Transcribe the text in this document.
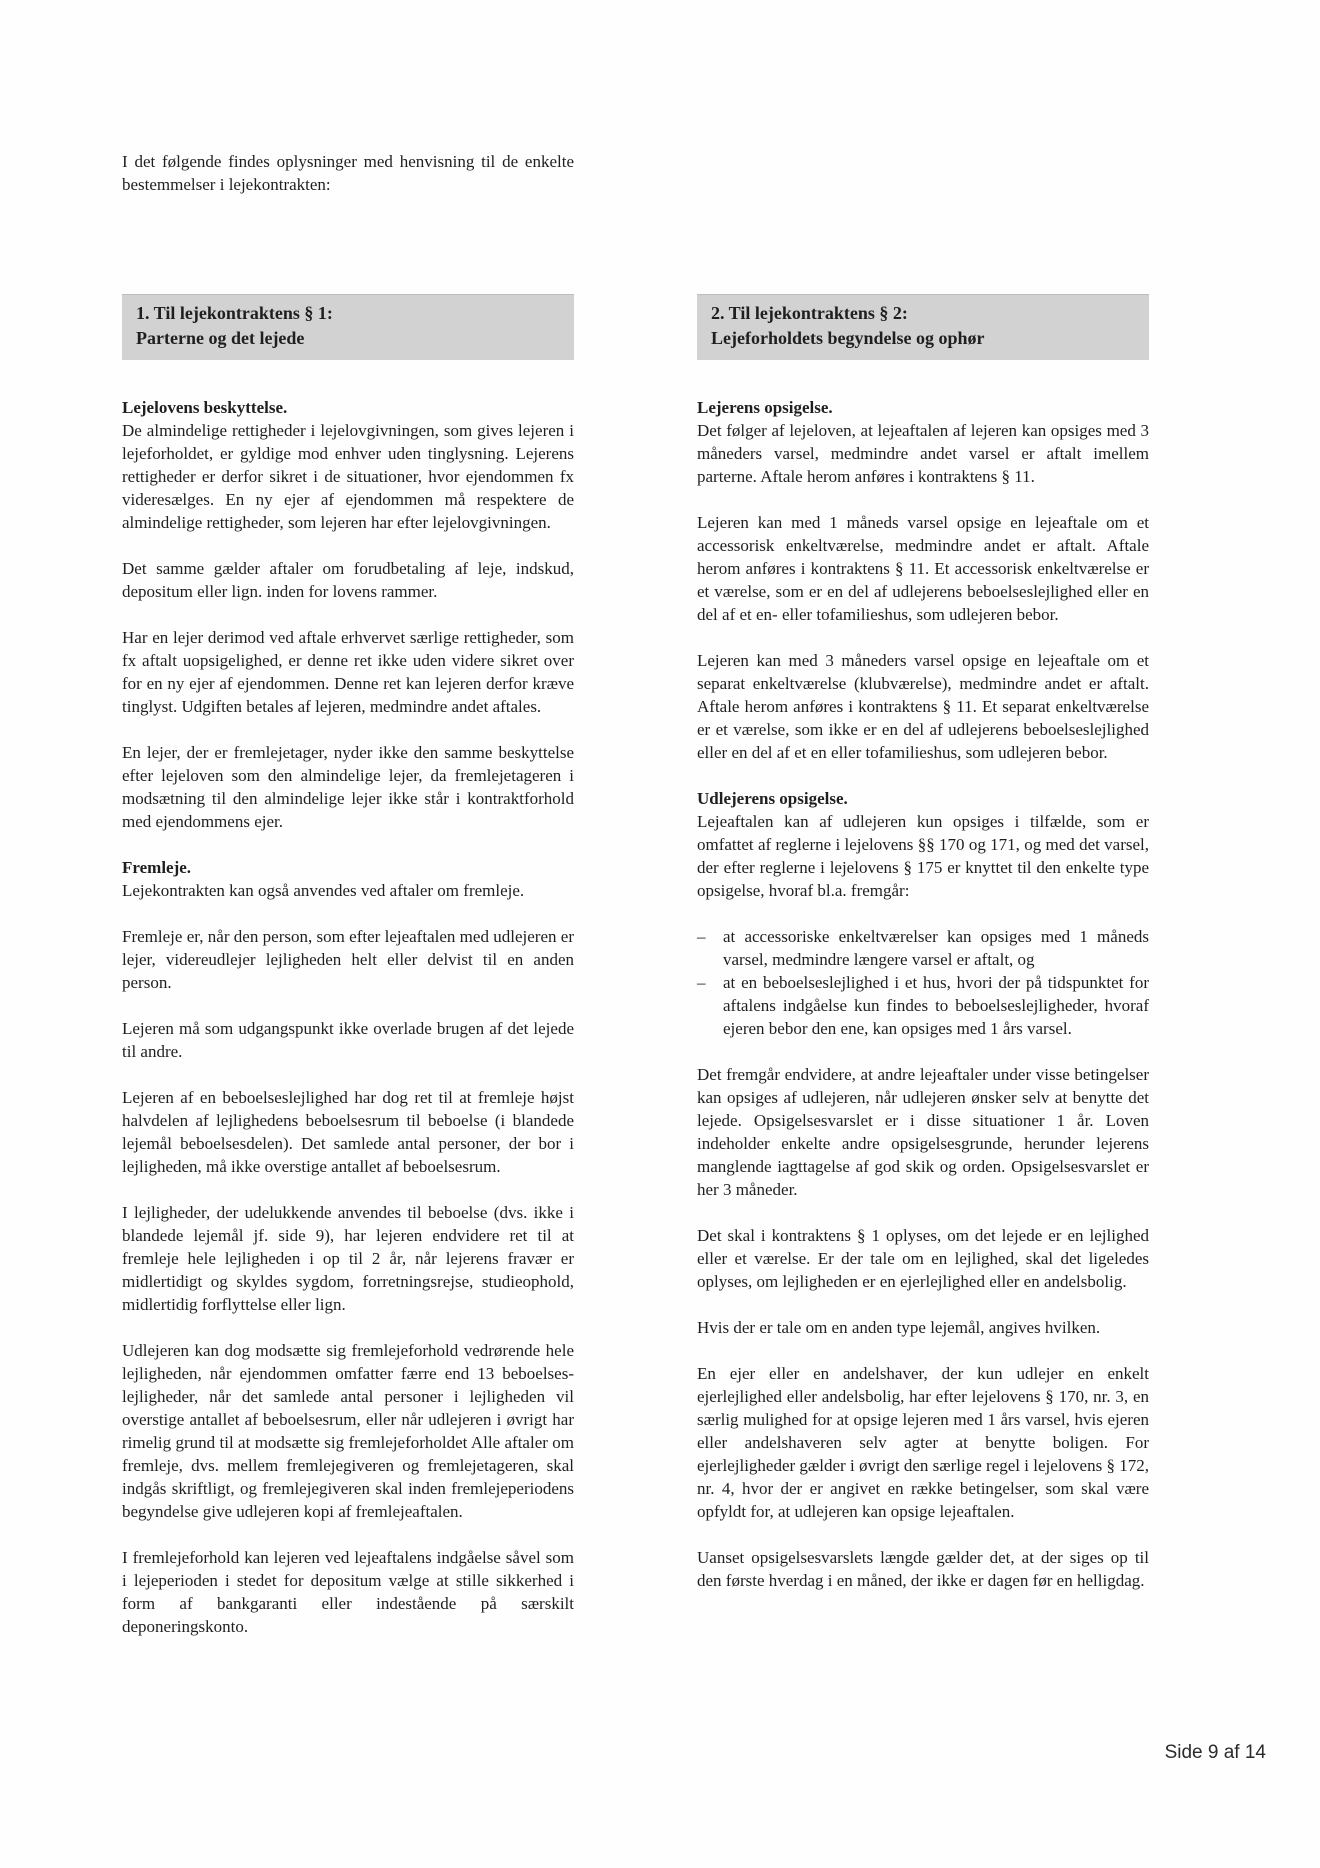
I det følgende findes oplysninger med henvisning til de enkelte bestemmelser i lejekontrakten:

1. Til lejekontraktens § 1:
Parterne og det lejede
Lejelovens beskyttelse.

De almindelige rettigheder i lejelovgivningen, som gives lejeren i lejeforholdet, er gyldige mod enhver uden tinglysning. Lejerens rettigheder er derfor sikret i de situationer, hvor ejendommen fx videresælges. En ny ejer af ejendommen må respektere de almindelige rettigheder, som lejeren har efter lejelovgivningen.

Det samme gælder aftaler om forudbetaling af leje, indskud, depositum eller lign. inden for lovens rammer.

Har en lejer derimod ved aftale erhvervet særlige rettigheder, som fx aftalt uopsigelighed, er denne ret ikke uden videre sikret over for en ny ejer af ejendommen. Denne ret kan lejeren derfor kræve tinglyst. Udgiften betales af lejeren, medmindre andet aftales.

En lejer, der er fremlejetager, nyder ikke den samme beskyttelse efter lejeloven som den almindelige lejer, da fremlejetageren i modsætning til den almindelige lejer ikke står i kontraktforhold med ejendommens ejer.

Fremleje.

Lejekontrakten kan også anvendes ved aftaler om fremleje.

Fremleje er, når den person, som efter lejeaftalen med udlejeren er lejer, videreudlejer lejligheden helt eller delvist til en anden person.

Lejeren må som udgangspunkt ikke overlade brugen af det lejede til andre.

Lejeren af en beboelseslejlighed har dog ret til at fremleje højst halvdelen af lejlighedens beboelsesrum til beboelse (i blandede lejemål beboelsesdelen). Det samlede antal personer, der bor i lejligheden, må ikke overstige antallet af beboelsesrum.

I lejligheder, der udelukkende anvendes til beboelse (dvs. ikke i blandede lejemål jf. side 9), har lejeren endvidere ret til at fremleje hele lejligheden i op til 2 år, når lejerens fravær er midlertidigt og skyldes sygdom, forretningsrejse, studieophold, midlertidig forflyttelse eller lign.

Udlejeren kan dog modsætte sig fremlejeforhold vedrørende hele lejligheden, når ejendommen omfatter færre end 13 beboelses-lejligheder, når det samlede antal personer i lejligheden vil overstige antallet af beboelsesrum, eller når udlejeren i øvrigt har rimelig grund til at modsætte sig fremlejeforholdet Alle aftaler om fremleje, dvs. mellem fremlejegiveren og fremlejetageren, skal indgås skriftligt, og fremlejegiveren skal inden fremlejeperiodens begyndelse give udlejeren kopi af fremlejeaftalen.

I fremlejeforhold kan lejeren ved lejeaftalens indgåelse såvel som i lejeperioden i stedet for depositum vælge at stille sikkerhed i form af bankgaranti eller indestående på særskilt deponeringskonto.

2. Til lejekontraktens § 2:
Lejeforholdets begyndelse og ophør
Lejerens opsigelse.

Det følger af lejeloven, at lejeaftalen af lejeren kan opsiges med 3 måneders varsel, medmindre andet varsel er aftalt imellem parterne. Aftale herom anføres i kontraktens § 11.

Lejeren kan med 1 måneds varsel opsige en lejeaftale om et accessorisk enkeltværelse, medmindre andet er aftalt. Aftale herom anføres i kontraktens § 11. Et accessorisk enkeltværelse er et værelse, som er en del af udlejerens beboelseslejlighed eller en del af et en- eller tofamilieshus, som udlejeren bebor.

Lejeren kan med 3 måneders varsel opsige en lejeaftale om et separat enkeltværelse (klubværelse), medmindre andet er aftalt. Aftale herom anføres i kontraktens § 11. Et separat enkeltværelse er et værelse, som ikke er en del af udlejerens beboelseslejlighed eller en del af et en eller tofamilieshus, som udlejeren bebor.

Udlejerens opsigelse.

Lejeaftalen kan af udlejeren kun opsiges i tilfælde, som er omfattet af reglerne i lejelovens §§ 170 og 171, og med det varsel, der efter reglerne i lejelovens § 175 er knyttet til den enkelte type opsigelse, hvoraf bl.a. fremgår:

–	at accessoriske enkeltværelser kan opsiges med 1 måneds varsel, medmindre længere varsel er aftalt, og
–	at en beboelseslejlighed i et hus, hvori der på tidspunktet for aftalens indgåelse kun findes to beboelseslejligheder, hvoraf ejeren bebor den ene, kan opsiges med 1 års varsel.

Det fremgår endvidere, at andre lejeaftaler under visse betingelser kan opsiges af udlejeren, når udlejeren ønsker selv at benytte det lejede. Opsigelsesvarslet er i disse situationer 1 år. Loven indeholder enkelte andre opsigelsesgrunde, herunder lejerens manglende iagttagelse af god skik og orden. Opsigelsesvarslet er her 3 måneder.

Det skal i kontraktens § 1 oplyses, om det lejede er en lejlighed eller et værelse. Er der tale om en lejlighed, skal det ligeledes oplyses, om lejligheden er en ejerlejlighed eller en andelsbolig.

Hvis der er tale om en anden type lejemål, angives hvilken.

En ejer eller en andelshaver, der kun udlejer en enkelt ejerlejlighed eller andelsbolig, har efter lejelovens § 170, nr. 3, en særlig mulighed for at opsige lejeren med 1 års varsel, hvis ejeren eller andelshaveren selv agter at benytte boligen. For ejerlejligheder gælder i øvrigt den særlige regel i lejelovens § 172, nr. 4, hvor der er angivet en række betingelser, som skal være opfyldt for, at udlejeren kan opsige lejeaftalen.

Uanset opsigelsesvarslets længde gælder det, at der siges op til den første hverdag i en måned, der ikke er dagen før en helligdag.

Side 9 af 14
